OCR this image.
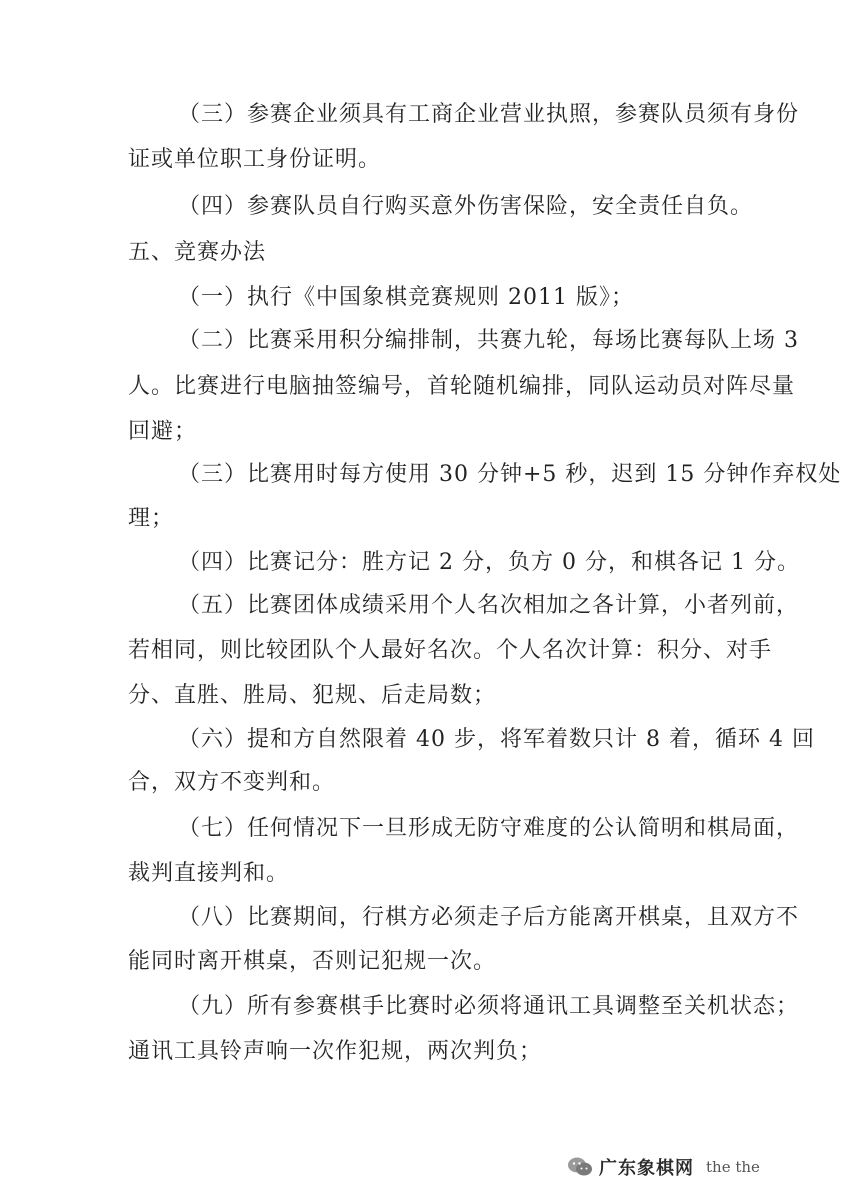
（三）参赛企业须具有工商企业营业执照，参赛队员须有身份
证或单位职工身份证明。
（四）参赛队员自行购买意外伤害保险，安全责任自负。
五、竞赛办法
（一）执行《中国象棋竞赛规则 2011 版》；
（二）比赛采用积分编排制，共赛九轮，每场比赛每队上场 3
人。比赛进行电脑抽签编号，首轮随机编排，同队运动员对阵尽量
回避；
（三）比赛用时每方使用 30 分钟+5 秒，迟到 15 分钟作弃权处
理；
（四）比赛记分：胜方记 2 分，负方 0 分，和棋各记 1 分。
（五）比赛团体成绩采用个人名次相加之各计算，小者列前，
若相同，则比较团队个人最好名次。个人名次计算：积分、对手
分、直胜、胜局、犯规、后走局数；
（六）提和方自然限着 40 步，将军着数只计 8 着，循环 4 回
合，双方不变判和。
（七）任何情况下一旦形成无防守难度的公认简明和棋局面，
裁判直接判和。
（八）比赛期间，行棋方必须走子后方能离开棋桌，且双方不
能同时离开棋桌，否则记犯规一次。
（九）所有参赛棋手比赛时必须将通讯工具调整至关机状态；
通讯工具铃声响一次作犯规，两次判负；
广东象棋网 the the
